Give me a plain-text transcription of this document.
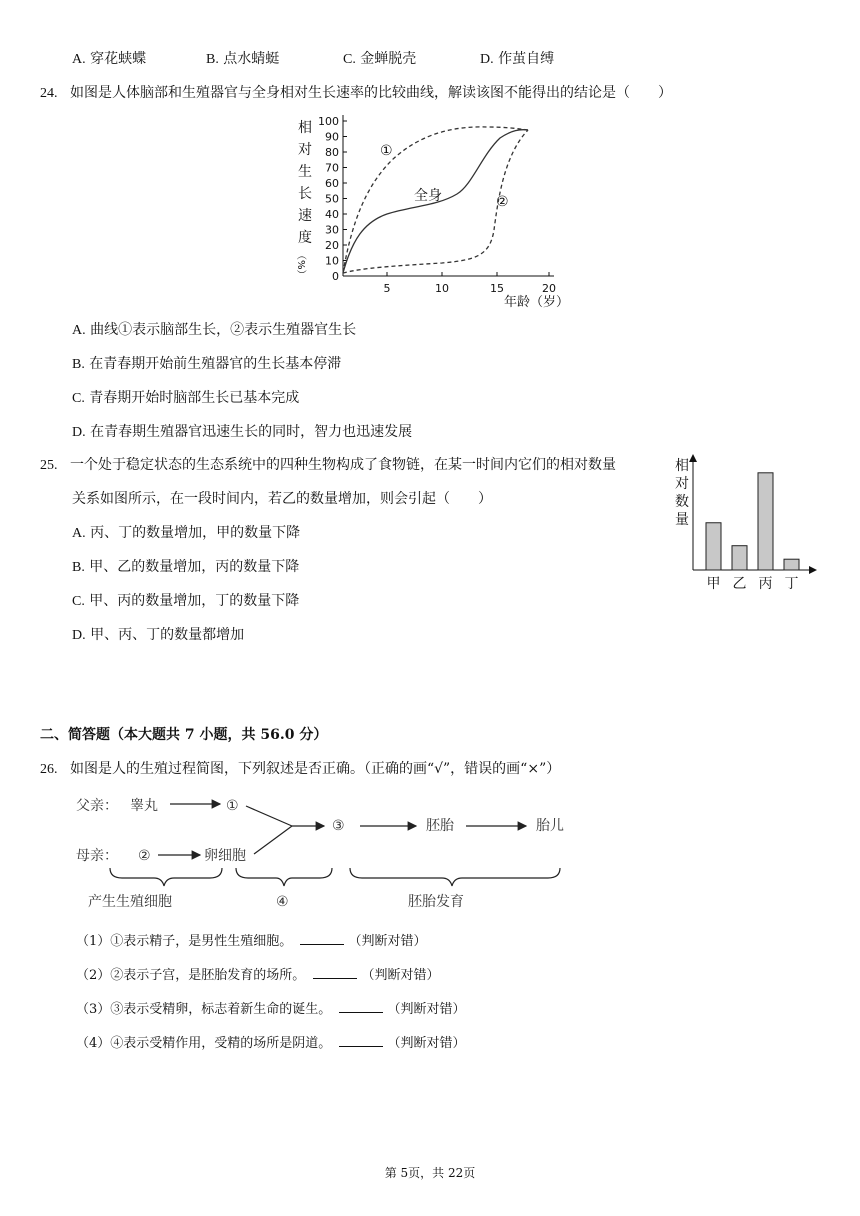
A. 穿花蛱蝶	B. 点水蜻蜓	C. 金蝉脱壳	D. 作茧自缚
24. 如图是人体脑部和生殖器官与全身相对生长速率的比较曲线，解读该图不能得出的结论是（　　）
相
对
生
长
速
度
（%）
100
90
80
70
60
50
40
30
20
10
0
5	10	15	20
年龄（岁）
①
②
全身
A. 曲线①表示脑部生长，②表示生殖器官生长
B. 在青春期开始前生殖器官的生长基本停滞
C. 青春期开始时脑部生长已基本完成
D. 在青春期生殖器官迅速生长的同时，智力也迅速发展
25. 一个处于稳定状态的生态系统中的四种生物构成了食物链，在某一时间内它们的相对数量
关系如图所示，在一段时间内，若乙的数量增加，则会引起（　　）
A. 丙、丁的数量增加，甲的数量下降
B. 甲、乙的数量增加，丙的数量下降
C. 甲、丙的数量增加，丁的数量下降
D. 甲、丙、丁的数量都增加
相
对
数
量
甲 乙 丙 丁
二、简答题（本大题共 7 小题，共 56.0 分）
26. 如图是人的生殖过程简图，下列叙述是否正确。（正确的画“√”，错误的画“×”）
父亲： 睾丸	①
母亲： ②	卵细胞
③	胚胎	胎儿
产生生殖细胞	④	胚胎发育
（1）①表示精子，是男性生殖细胞。	（判断对错）
（2）②表示子宫，是胚胎发育的场所。	（判断对错）
（3）③表示受精卵，标志着新生命的诞生。	（判断对错）
（4）④表示受精作用，受精的场所是阴道。	（判断对错）
第 5页，共 22页
